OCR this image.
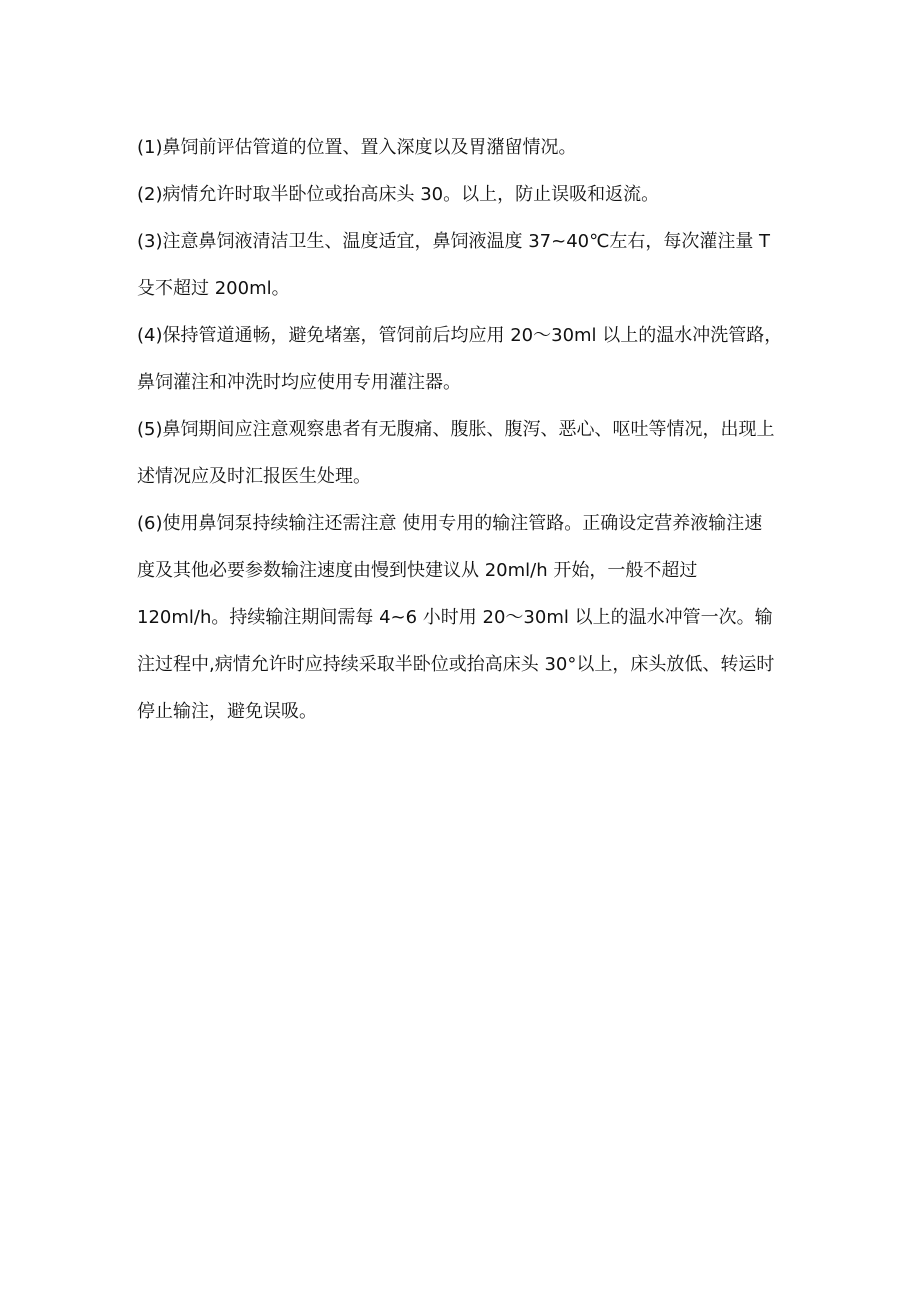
(1)鼻饲前评估管道的位置、置入深度以及胃潴留情况。
(2)病情允许时取半卧位或抬高床头 30。以上，防止误吸和返流。
(3)注意鼻饲液清洁卫生、温度适宜，鼻饲液温度 37~40℃左右，每次灌注量 T
殳不超过 200ml。
(4)保持管道通畅，避免堵塞，管饲前后均应用 20〜30ml 以上的温水冲洗管路，
鼻饲灌注和冲洗时均应使用专用灌注器。
(5)鼻饲期间应注意观察患者有无腹痛、腹胀、腹泻、恶心、呕吐等情况，出现上
述情况应及时汇报医生处理。
(6)使用鼻饲泵持续输注还需注意 使用专用的输注管路。正确设定营养液输注速
度及其他必要参数输注速度由慢到快建议从 20ml/h 开始，一般不超过
120ml/h。持续输注期间需每 4~6 小时用 20〜30ml 以上的温水冲管一次。输
注过程中,病情允许时应持续采取半卧位或抬高床头 30°以上，床头放低、转运时
停止输注，避免误吸。
